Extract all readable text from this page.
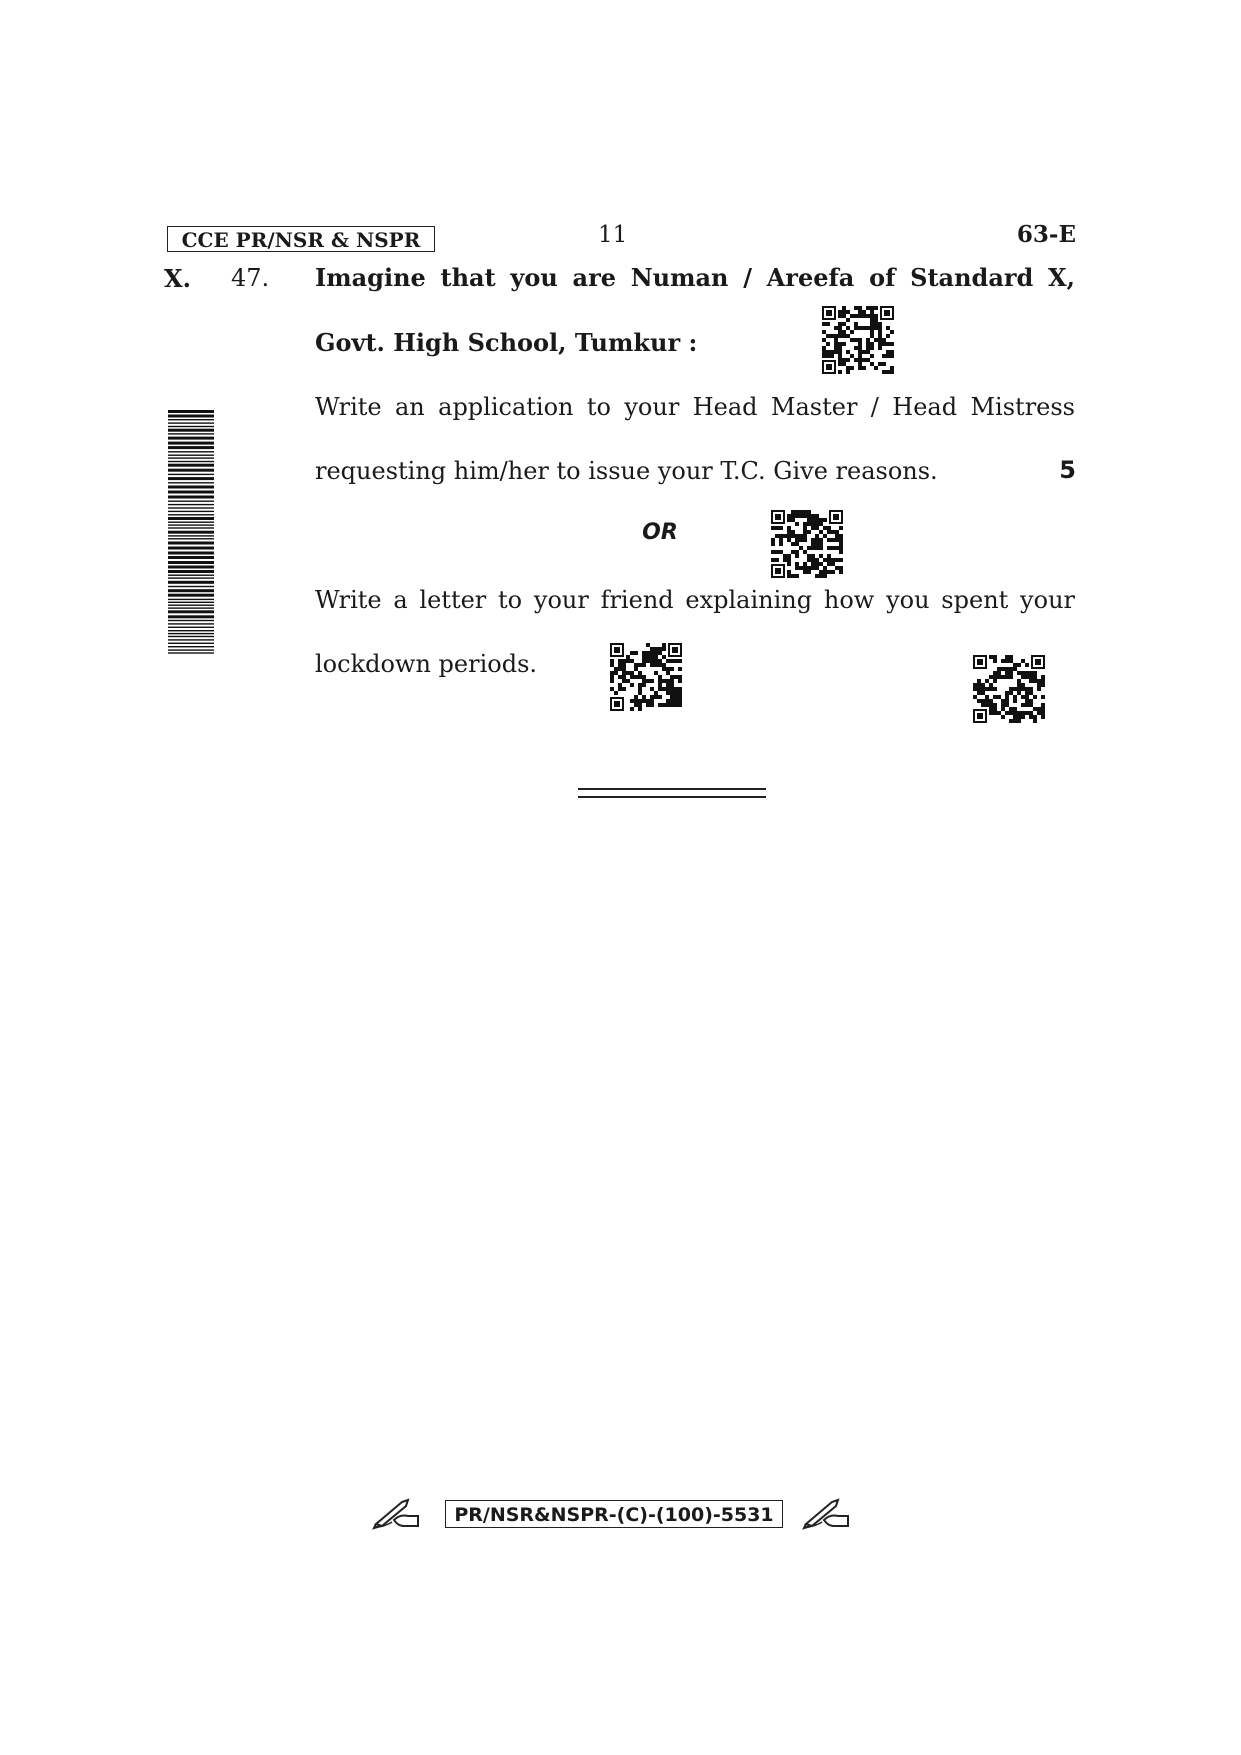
CCE PR/NSR & NSPR	11	63-E
X. 47. Imagine that you are Numan / Areefa of Standard X,
Govt. High School, Tumkur :
Write an application to your Head Master / Head Mistress
requesting him/her to issue your T.C. Give reasons.	5
OR
Write a letter to your friend explaining how you spent your
lockdown periods.
PR/NSR&NSPR-(C)-(100)-5531
